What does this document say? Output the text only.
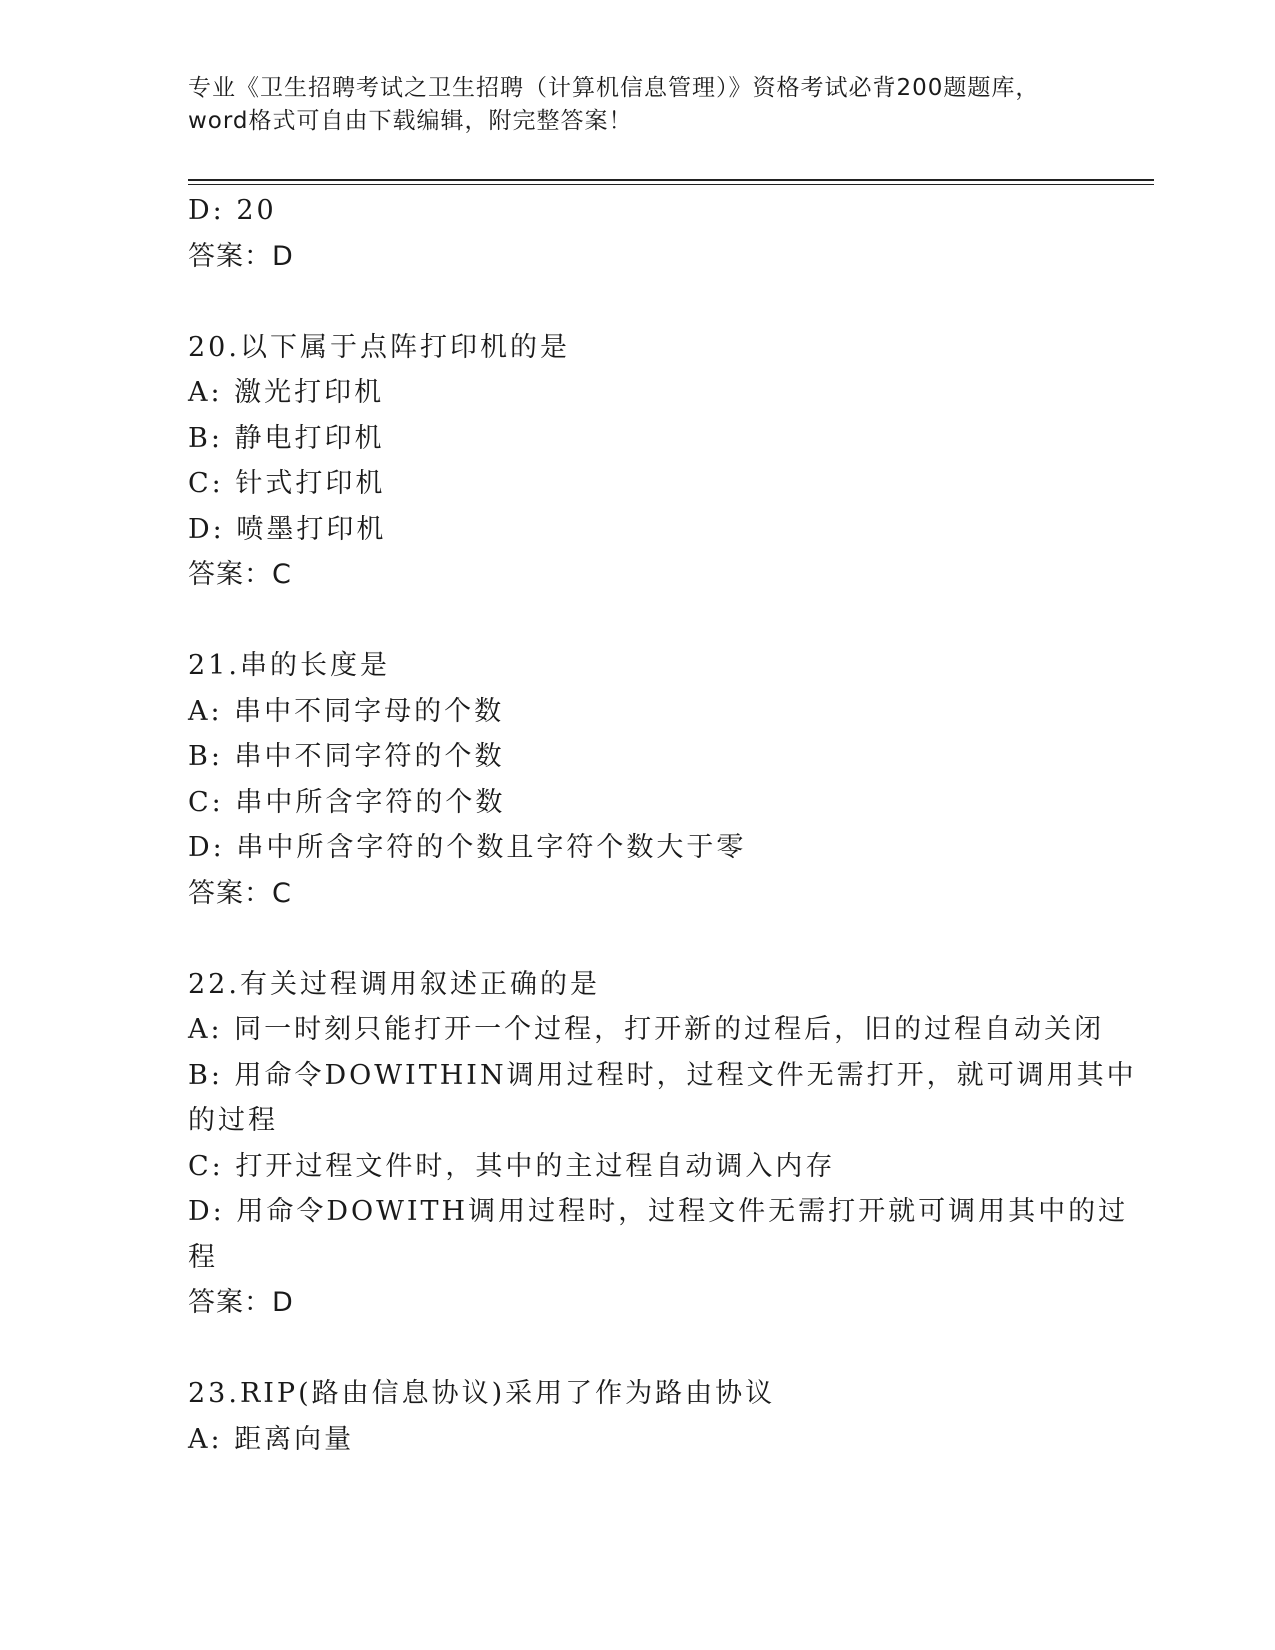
专业《卫生招聘考试之卫生招聘（计算机信息管理）》资格考试必背200题题库，
word格式可自由下载编辑，附完整答案！
D: 20
答案：D
20.以下属于点阵打印机的是
A: 激光打印机
B: 静电打印机
C: 针式打印机
D: 喷墨打印机
答案：C
21.串的长度是
A: 串中不同字母的个数
B: 串中不同字符的个数
C: 串中所含字符的个数
D: 串中所含字符的个数且字符个数大于零
答案：C
22.有关过程调用叙述正确的是
A: 同一时刻只能打开一个过程，打开新的过程后，旧的过程自动关闭
B: 用命令DOWITHIN调用过程时，过程文件无需打开，就可调用其中
的过程
C: 打开过程文件时，其中的主过程自动调入内存
D: 用命令DOWITH调用过程时，过程文件无需打开就可调用其中的过
程
答案：D
23.RIP(路由信息协议)采用了作为路由协议
A: 距离向量
